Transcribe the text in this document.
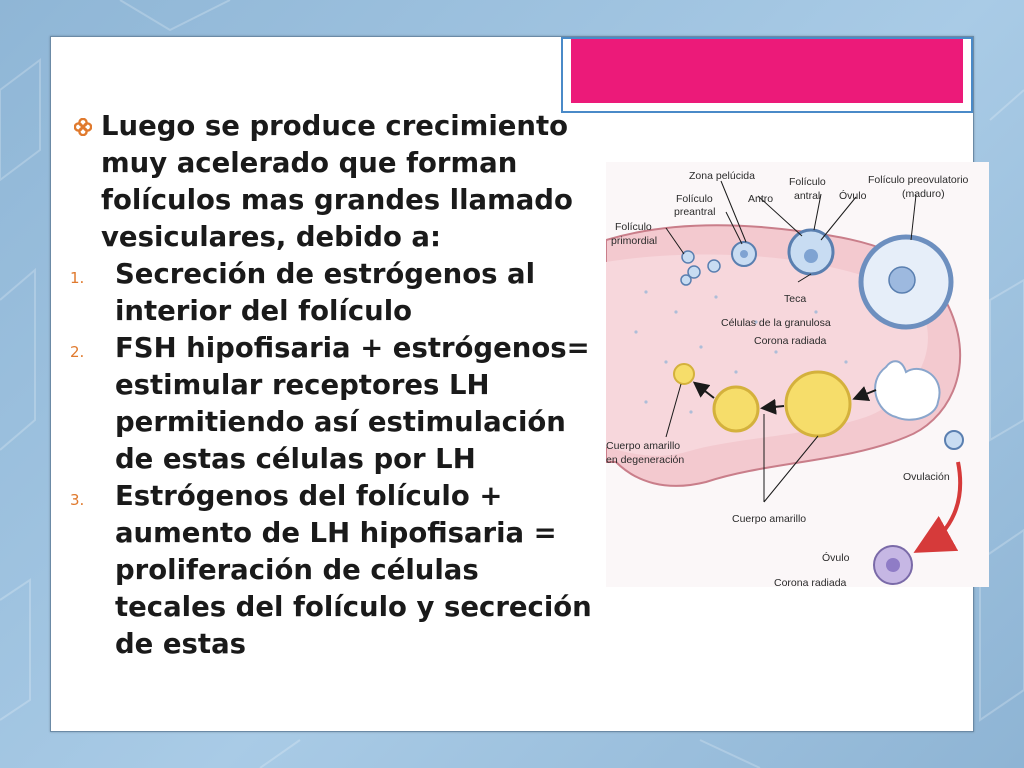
Luego se produce crecimiento
muy acelerado que forman
folículos mas grandes llamado
vesiculares, debido a:
1.	Secreción de estrógenos al
interior del folículo
2.	FSH hipofisaria + estrógenos=
estimular receptores LH
permitiendo así estimulación
de estas células por LH
3.	Estrógenos del folículo +
aumento de LH hipofisaria =
proliferación de células
tecales del folículo y secreción
de estas
Zona pelúcida
Folículo
preantral
Antro
Folículo
antral Óvulo
Folículo preovulatorio
(maduro)
Folículo
primordial
Teca
Células de la granulosa
Corona radiada
Cuerpo amarillo
en degeneración
Ovulación
Cuerpo amarillo
Óvulo
Corona radiada
